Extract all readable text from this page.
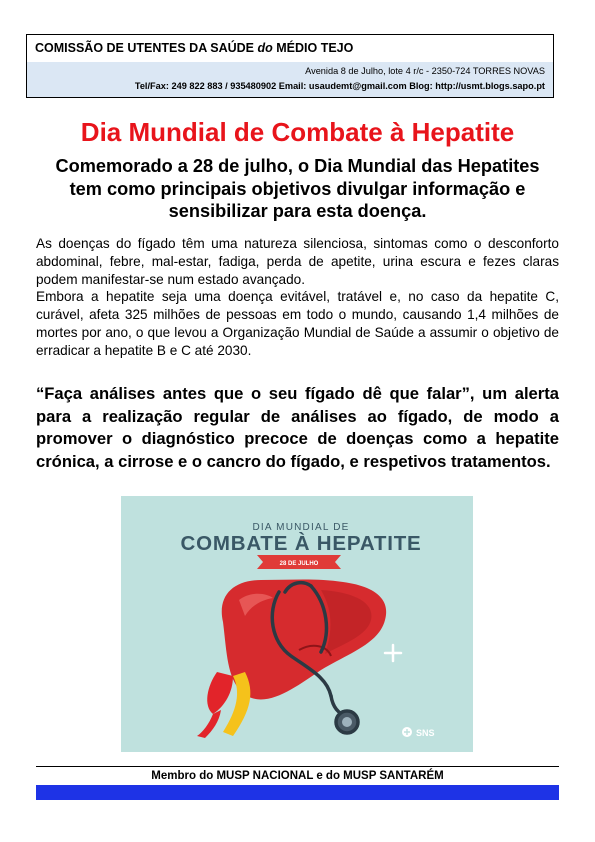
COMISSÃO DE UTENTES DA SAÚDE do MÉDIO TEJO
Avenida 8 de Julho, lote 4 r/c - 2350-724 TORRES NOVAS
Tel/Fax: 249 822 883 / 935480902 Email: usaudemt@gmail.com Blog: http://usmt.blogs.sapo.pt
Dia Mundial de Combate à Hepatite
Comemorado a 28 de julho, o Dia Mundial das Hepatites tem como principais objetivos divulgar informação e sensibilizar para esta doença.

As doenças do fígado têm uma natureza silenciosa, sintomas como o desconforto abdominal, febre, mal-estar, fadiga, perda de apetite, urina escura e fezes claras podem manifestar-se num estado avançado.

Embora a hepatite seja uma doença evitável, tratável e, no caso da hepatite C, curável, afeta 325 milhões de pessoas em todo o mundo, causando 1,4 milhões de mortes por ano, o que levou a Organização Mundial de Saúde a assumir o objetivo de erradicar a hepatite B e C até 2030.

“Faça análises antes que o seu fígado dê que falar”, um alerta para a realização regular de análises ao fígado, de modo a promover o diagnóstico precoce de doenças como a hepatite crónica, a cirrose e o cancro do fígado, e respetivos tratamentos.
DIA MUNDIAL DE
COMBATE À HEPATITE
28 DE JULHO
SNS
Membro do MUSP NACIONAL e do MUSP SANTARÉM
